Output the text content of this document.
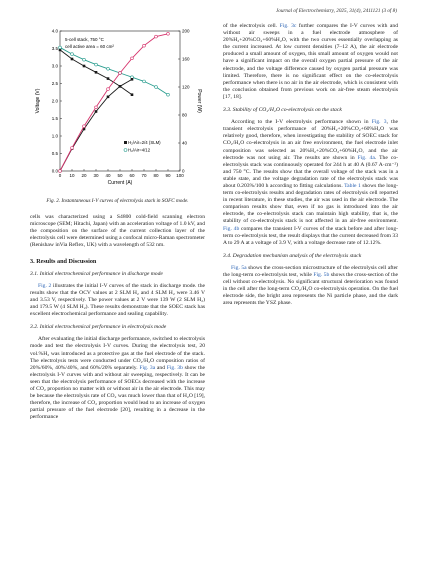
Journal of Electrochemistry, 2025, 31(4), 2411121 (3 of 8)
0 10 20 30 40 50 60 70 80 90 100
0.0
0.5
1.0
1.5
2.0
2.5
3.0
3.5
4.0
0
40
80
120
160
200
Current (A)
Voltage (V)	Power (W)
5-cell stack, 750 °C
cell active area = 60 cm²
H₂/Air=2/4 (SLM)
H₂/Air=4/12
Fig. 2. Instantaneous I-V curves of electrolysis stack in SOFC mode.

cells was characterized using a S4800 cold-field scanning electron microscope (SEM; Hitachi, Japan) with an acceleration voltage of 1.0 kV, and the composition on the surface of the current collection layer of the electrolysis cell were determined using a confocal micro-Raman spectrometer (Renishaw inVia Reflex, UK) with a wavelength of 532 nm.

3. Results and Discussion
3.1. Initial electrochemical performance in discharge mode

Fig. 2 illustrates the initial I-V curves of the stack in discharge mode. the results show that the OCV values at 2 SLM H₂ and 4 SLM H₂ were 3.46 V and 3.53 V, respectively. The power values at 2 V were 139 W (2 SLM H₂) and 179.5 W (4 SLM H₂). These results demonstrate that the SOEC stack has excellent electrochemical performance and sealing capability.

3.2. Initial electrochemical performance in electrolysis mode

After evaluating the initial discharge performance, switched to electrolysis mode and test the electrolysis I-V curves. During the electrolysis test, 20 vol.%H₂ was introduced as a protective gas at the fuel electrode of the stack. The electrolysis tests were conducted under CO₂/H₂O composition ratios of 20%/60%, 40%/40%, and 60%/20% separately. Fig. 3a and Fig. 3b show the electrolysis I-V curves with and without air sweeping, respectively. It can be seen that the electrolysis performance of SOECs decreased with the increase of CO₂ proportion no matter with or without air in the air electrode. This may be because the electrolysis rate of CO₂ was much lower than that of H₂O [19], therefore, the increase of CO₂ proportion would lead to an increase of oxygen partial pressure of the fuel electrode [20], resulting in a decrease in the performance

of the electrolysis cell. Fig. 3c further compares the I-V curves with and without air sweeps in a fuel electrode atmosphere of 20%H₂+20%CO₂+60%H₂O, with the two curves essentially overlapping as the current increased. At low current densities (7–12 A), the air electrode produced a small amount of oxygen, this small amount of oxygen would not have a significant impact on the overall oxygen partial pressure of the air electrode, and the voltage difference caused by oxygen partial pressure was limited. Therefore, there is no significant effect on the co-electrolysis performance when there is no air in the air electrode, which is consistent with the conclusion obtained from previous work on air-free steam electrolysis [17, 18].

3.3. Stability of CO₂/H₂O co-electrolysis on the stack

According to the I-V electrolysis performance shown in Fig. 3, the transient electrolysis performance of 20%H₂+20%CO₂+60%H₂O was relatively good, therefore, when investigating the stability of SOEC stack for CO₂/H₂O co-electrolysis in an air free environment, the fuel electrode inlet composition was selected as 20%H₂+20%CO₂+60%H₂O, and the air electrode was not using air. The results are shown in Fig. 4a. The co-electrolysis stack was continuously operated for 244 h at 40 A (0.67 A·cm⁻²) and 750 °C. The results show that the overall voltage of the stack was in a stable state, and the voltage degradation rate of the electrolysis stack was about 0.203%/100 h according to fitting calculations. Table 1 shows the long-term co-electrolysis results and degradation rates of electrolysis cell reported in recent literature, in these studies, the air was used in the air electrode. The comparison results show that, even if no gas is introduced into the air electrode, the co-electrolysis stack can maintain high stability, that is, the stability of co-electrolysis stack is not affected in an air-free environment. Fig. 4b compares the transient I-V curves of the stack before and after long-term co-electrolysis test, the result displays that the current decreased from 33 A to 29 A at a voltage of 3.9 V, with a voltage decrease rate of 12.12%.

3.4. Degradation mechanism analysis of the electrolysis stack

Fig. 5a shows the cross-section microstructure of the electrolysis cell after the long-term co-electrolysis test, while Fig. 5b shows the cross-section of the cell without co-electrolysis. No significant structural deterioration was found in the cell after the long-term CO₂/H₂O co-electrolysis operation. On the fuel electrode side, the bright area represents the Ni particle phase, and the dark area represents the YSZ phase.
